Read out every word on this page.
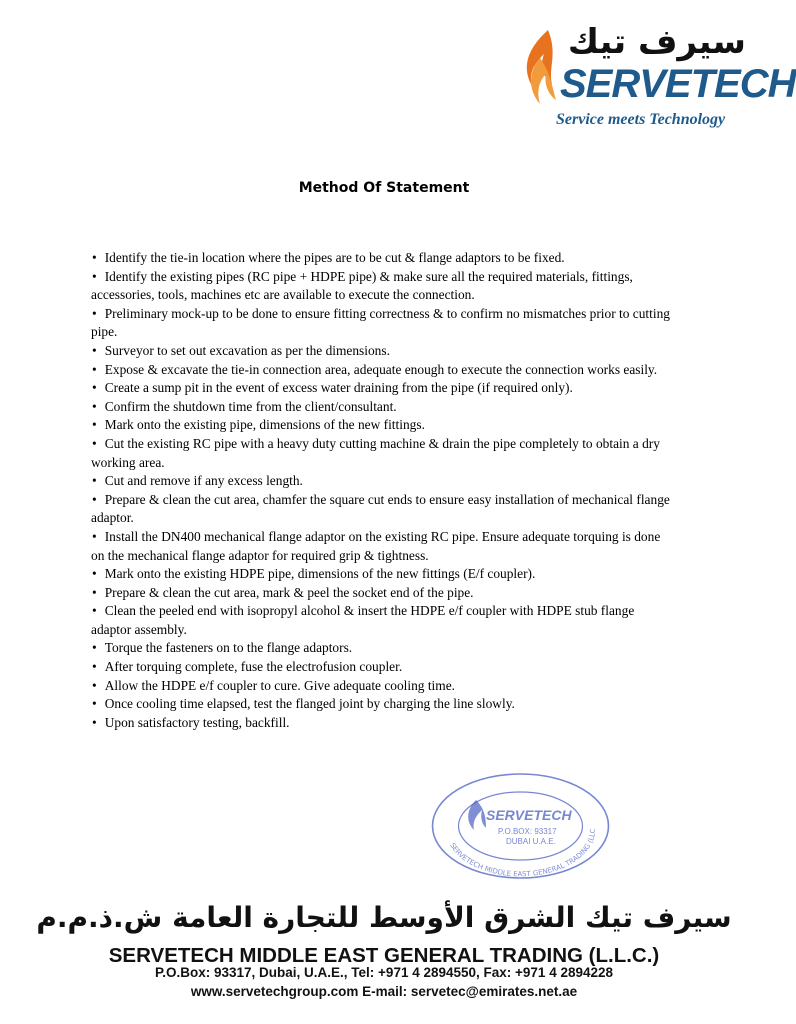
سيرف تيك
SERVETECH
Service meets Technology
Method Of Statement
• Identify the tie-in location where the pipes are to be cut & flange adaptors to be fixed.
• Identify the existing pipes (RC pipe + HDPE pipe) & make sure all the required materials, fittings, accessories, tools, machines etc are available to execute the connection.
• Preliminary mock-up to be done to ensure fitting correctness & to confirm no mismatches prior to cutting pipe.
• Surveyor to set out excavation as per the dimensions.
• Expose & excavate the tie-in connection area, adequate enough to execute the connection works easily.
• Create a sump pit in the event of excess water draining from the pipe (if required only).
• Confirm the shutdown time from the client/consultant.
• Mark onto the existing pipe, dimensions of the new fittings.
• Cut the existing RC pipe with a heavy duty cutting machine & drain the pipe completely to obtain a dry working area.
• Cut and remove if any excess length.
• Prepare & clean the cut area, chamfer the square cut ends to ensure easy installation of mechanical flange adaptor.
• Install the DN400 mechanical flange adaptor on the existing RC pipe. Ensure adequate torquing is done on the mechanical flange adaptor for required grip & tightness.
• Mark onto the existing HDPE pipe, dimensions of the new fittings (E/f coupler).
• Prepare & clean the cut area, mark & peel the socket end of the pipe.
• Clean the peeled end with isopropyl alcohol & insert the HDPE e/f coupler with HDPE stub flange adaptor assembly.
• Torque the fasteners on to the flange adaptors.
• After torquing complete, fuse the electrofusion coupler.
• Allow the HDPE e/f coupler to cure. Give adequate cooling time.
• Once cooling time elapsed, test the flanged joint by charging the line slowly.
• Upon satisfactory testing, backfill.
SERVETECH MIDDLE EAST GENERAL TRADING (LLC
SERVETECH
P.O.BOX: 93317
DUBAI U.A.E.
سيرف تيك الشرق الأوسط للتجارة العامة ش.ذ.م.م
SERVETECH MIDDLE EAST GENERAL TRADING (L.L.C.)
P.O.Box: 93317, Dubai, U.A.E., Tel: +971 4 2894550, Fax: +971 4 2894228
www.servetechgroup.com E-mail: servetec@emirates.net.ae
